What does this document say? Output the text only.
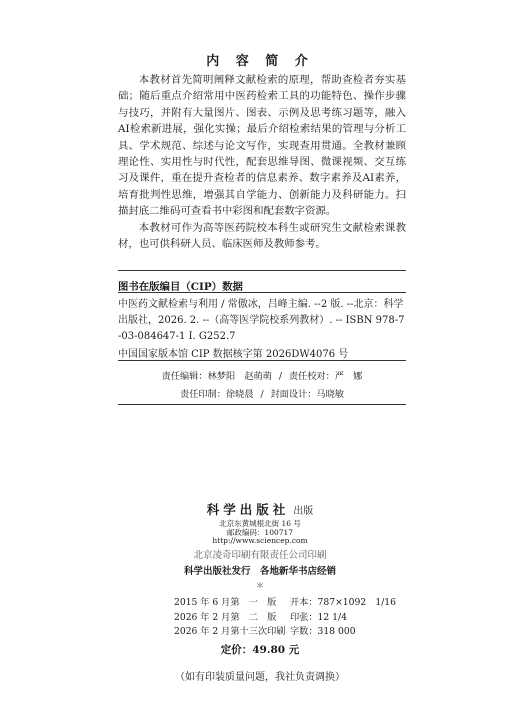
内 容 简 介

本教材首先简明阐释文献检索的原理，帮助查检者夯实基础；随后重点介绍常用中医药检索工具的功能特色、操作步骤与技巧，并附有大量图片、图表、示例及思考练习题等，融入AI检索新进展，强化实操；最后介绍检索结果的管理与分析工具、学术规范、综述与论文写作，实现查用贯通。全教材兼顾理论性、实用性与时代性，配套思维导图、微课视频、交互练习及课件，重在提升查检者的信息素养、数字素养及AI素养，培育批判性思维，增强其自学能力、创新能力及科研能力。扫描封底二维码可查看书中彩图和配套数字资源。

本教材可作为高等医药院校本科生或研究生文献检索课教材，也可供科研人员、临床医师及教师参考。

图书在版编目（CIP）数据
中医药文献检索与利用 / 常傲冰，吕峰主编. --2 版. --北京：科学出版社，2026. 2. --（高等医学院校系列教材）. -- ISBN 978-7-03-084647-1 Ⅰ. G252.7
中国国家版本馆 CIP 数据核字第 2026DW4076 号
责任编辑：林梦阳　赵萌萌 / 责任校对：严　娜
责任印制：徐晓晨 / 封面设计：马晓敏
科学出版社 出版
北京东黄城根北街 16 号
邮政编码：100717
http://www.sciencep.com
北京凌奇印刷有限责任公司印刷
科学出版社发行　各地新华书店经销
＊
2015 年 6 月第　一　版 开本：787×1092　1/16
2026 年 2 月第　二　版 印张：12 1/4
2026 年 2 月第十三次印刷 字数：318 000
定价：49.80 元
（如有印装质量问题，我社负责调换）
